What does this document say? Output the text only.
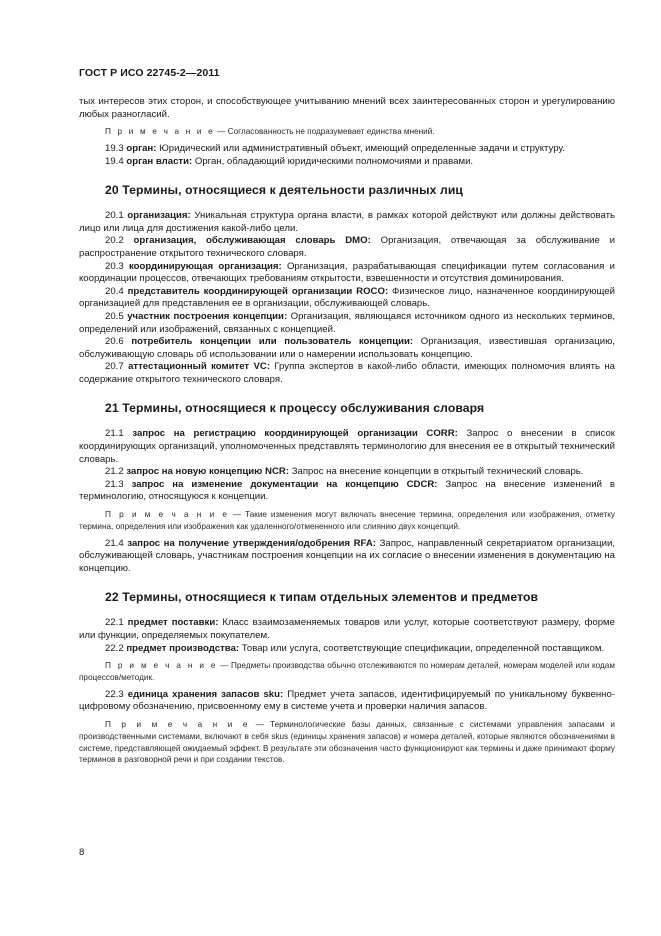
ГОСТ Р ИСО 22745-2—2011

тых интересов этих сторон, и способствующее учитыванию мнений всех заинтересованных сторон и урегулированию любых разногласий.

П р и м е ч а н и е — Согласованность не подразумевает единства мнений.

19.3 орган: Юридический или административный объект, имеющий определенные задачи и структуру.

19.4 орган власти: Орган, обладающий юридическими полномочиями и правами.

20 Термины, относящиеся к деятельности различных лиц

20.1 организация: Уникальная структура органа власти, в рамках которой действуют или должны действовать лицо или лица для достижения какой-либо цели.

20.2 организация, обслуживающая словарь DMO: Организация, отвечающая за обслуживание и распространение открытого технического словаря.

20.3 координирующая организация: Организация, разрабатывающая спецификации путем согласования и координации процессов, отвечающих требованиям открытости, взвешенности и отсутствия доминирования.

20.4 представитель координирующей организации ROCO: Физическое лицо, назначенное координирующей организацией для представления ее в организации, обслуживающей словарь.

20.5 участник построения концепции: Организация, являющаяся источником одного из нескольких терминов, определений или изображений, связанных с концепцией.

20.6 потребитель концепции или пользователь концепции: Организация, известившая организацию, обслуживающую словарь об использовании или о намерении использовать концепцию.

20.7 аттестационный комитет VC: Группа экспертов в какой-либо области, имеющих полномочия влиять на содержание открытого технического словаря.

21 Термины, относящиеся к процессу обслуживания словаря

21.1 запрос на регистрацию координирующей организации CORR: Запрос о внесении в список координирующих организаций, уполномоченных представлять терминологию для внесения ее в открытый технический словарь.

21.2 запрос на новую концепцию NCR: Запрос на внесение концепции в открытый технический словарь.

21.3 запрос на изменение документации на концепцию CDCR: Запрос на внесение изменений в терминологию, относящуюся к концепции.

П р и м е ч а н и е — Такие изменения могут включать внесение термина, определения или изображения, отметку термина, определения или изображения как удаленного/отмененного или слиянию двух концепций.

21.4 запрос на получение утверждения/одобрения RFA: Запрос, направленный секретариатом организации, обслуживающей словарь, участникам построения концепции на их согласие о внесении изменения в документацию на концепцию.

22 Термины, относящиеся к типам отдельных элементов и предметов

22.1 предмет поставки: Класс взаимозаменяемых товаров или услуг, которые соответствуют размеру, форме или функции, определяемых покупателем.

22.2 предмет производства: Товар или услуга, соответствующие спецификации, определенной поставщиком.

П р и м е ч а н и е — Предметы производства обычно отслеживаются по номерам деталей, номерам моделей или кодам процессов/методик.

22.3 единица хранения запасов sku: Предмет учета запасов, идентифицируемый по уникальному буквенно-цифровому обозначению, присвоенному ему в системе учета и проверки наличия запасов.

П р и м е ч а н и е — Терминологические базы данных, связанные с системами управления запасами и производственными системами, включают в себя skus (единицы хранения запасов) и номера деталей, которые являются обозначениями в системе, представляющей ожидаемый эффект. В результате эти обозначения часто функционируют как термины и даже принимают форму терминов в разговорной речи и при создании текстов.

8
